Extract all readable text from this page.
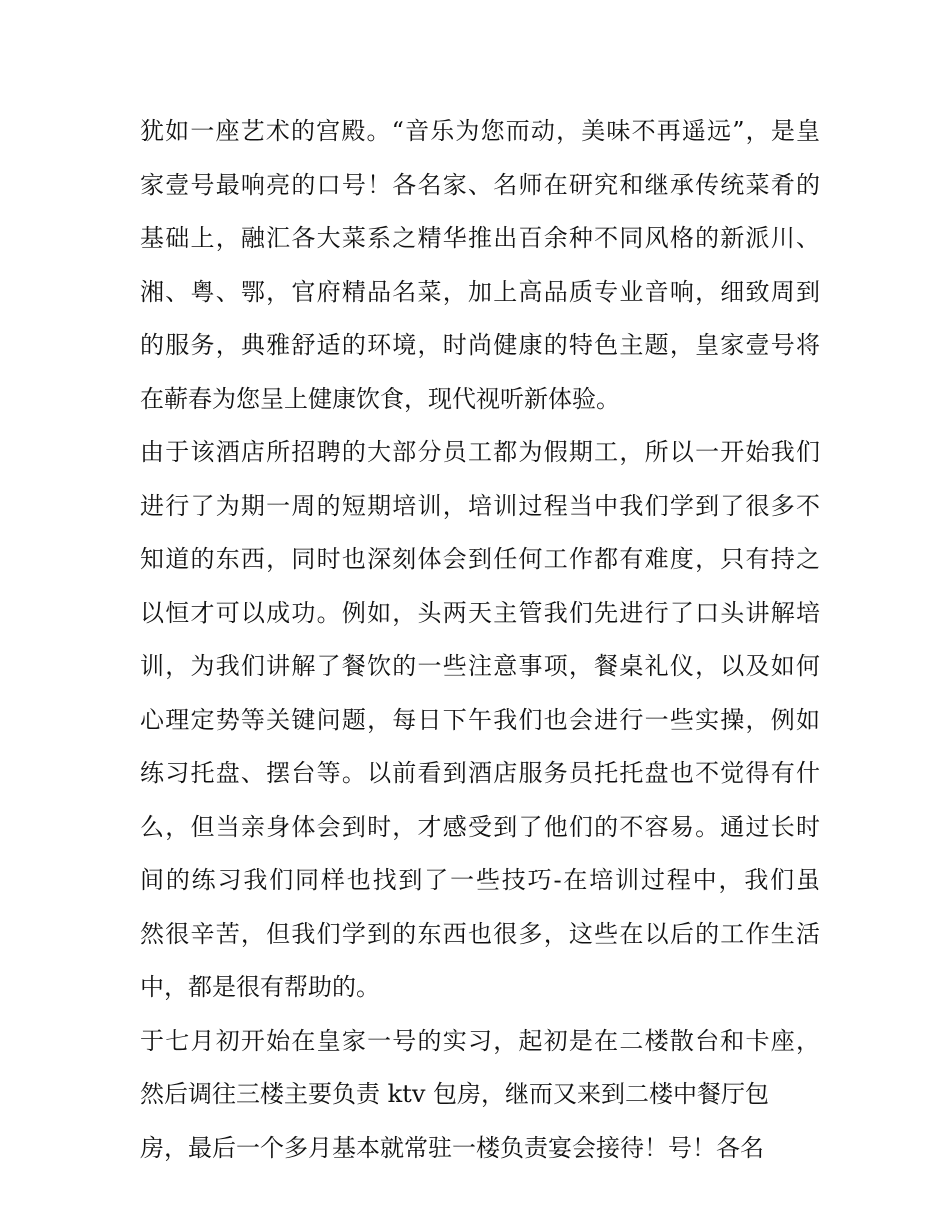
犹如一座艺术的宫殿。“音乐为您而动，美味不再遥远”，是皇
家壹号最响亮的口号！各名家、名师在研究和继承传统菜肴的
基础上，融汇各大菜系之精华推出百余种不同风格的新派川、
湘、粤、鄂，官府精品名菜，加上高品质专业音响，细致周到
的服务，典雅舒适的环境，时尚健康的特色主题，皇家壹号将
在蕲春为您呈上健康饮食，现代视听新体验。
由于该酒店所招聘的大部分员工都为假期工，所以一开始我们
进行了为期一周的短期培训，培训过程当中我们学到了很多不
知道的东西，同时也深刻体会到任何工作都有难度，只有持之
以恒才可以成功。例如，头两天主管我们先进行了口头讲解培
训，为我们讲解了餐饮的一些注意事项，餐桌礼仪，以及如何
心理定势等关键问题，每日下午我们也会进行一些实操，例如
练习托盘、摆台等。以前看到酒店服务员托托盘也不觉得有什
么，但当亲身体会到时，才感受到了他们的不容易。通过长时
间的练习我们同样也找到了一些技巧-在培训过程中，我们虽
然很辛苦，但我们学到的东西也很多，这些在以后的工作生活
中，都是很有帮助的。
于七月初开始在皇家一号的实习，起初是在二楼散台和卡座，
然后调往三楼主要负责 ktv 包房，继而又来到二楼中餐厅包
房，最后一个多月基本就常驻一楼负责宴会接待！号！各名
